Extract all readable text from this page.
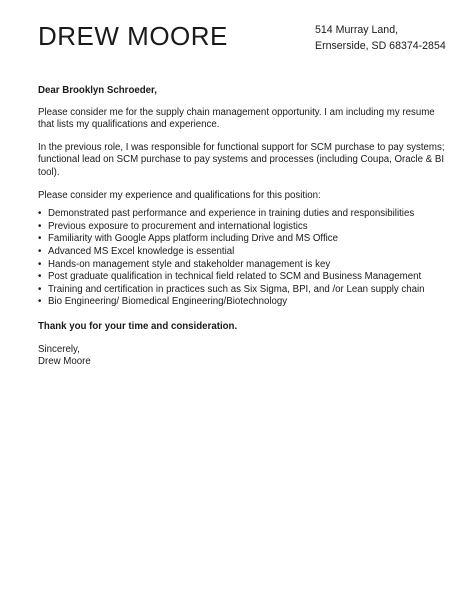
DREW MOORE	514 Murray Land,
Ernserside, SD 68374-2854
Dear Brooklyn Schroeder,

Please consider me for the supply chain management opportunity. I am including my resume that lists my qualifications and experience.

In the previous role, I was responsible for functional support for SCM purchase to pay systems; functional lead on SCM purchase to pay systems and processes (including Coupa, Oracle & BI tool).

Please consider my experience and qualifications for this position:

• Demonstrated past performance and experience in training duties and responsibilities
• Previous exposure to procurement and international logistics
• Familiarity with Google Apps platform including Drive and MS Office
• Advanced MS Excel knowledge is essential
• Hands-on management style and stakeholder management is key
• Post graduate qualification in technical field related to SCM and Business Management
• Training and certification in practices such as Six Sigma, BPI, and /or Lean supply chain
• Bio Engineering/ Biomedical Engineering/Biotechnology
Thank you for your time and consideration.
Sincerely,
Drew Moore
